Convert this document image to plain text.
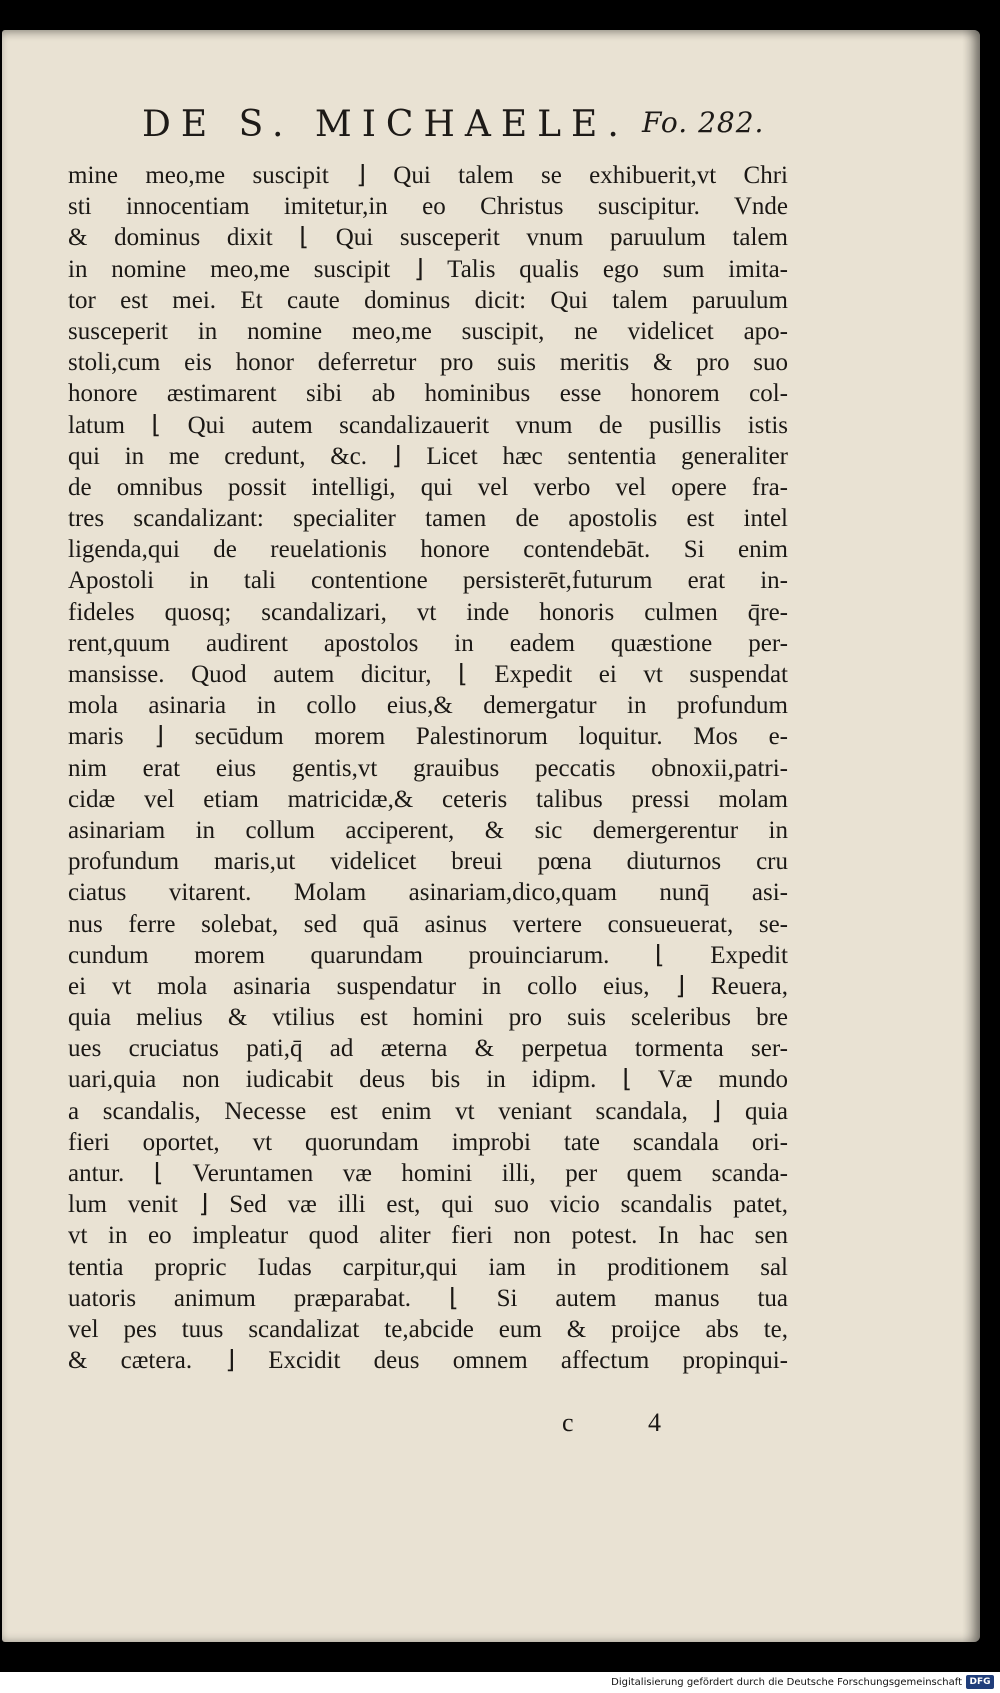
DE S. MICHAELE. Fo. 282.
mine meo,me suscipit ⌋ Qui talem se exhibuerit,vt Chri
sti innocentiam imitetur,in eo Christus suscipitur. Vnde
& dominus dixit ⌊ Qui susceperit vnum paruulum talem
in nomine meo,me suscipit ⌋ Talis qualis ego sum imita-
tor est mei. Et caute dominus dicit: Qui talem paruulum
susceperit in nomine meo,me suscipit, ne videlicet apo-
stoli,cum eis honor deferretur pro suis meritis & pro suo
honore æstimarent sibi ab hominibus esse honorem col-
latum ⌊ Qui autem scandalizauerit vnum de pusillis istis
qui in me credunt, &c. ⌋ Licet hæc sententia generaliter
de omnibus possit intelligi, qui vel verbo vel opere fra-
tres scandalizant: specialiter tamen de apostolis est intel
ligenda,qui de reuelationis honore contendebāt. Si enim
Apostoli in tali contentione persisterēt,futurum erat in-
fideles quosq; scandalizari, vt inde honoris culmen q̄re-
rent,quum audirent apostolos in eadem quæstione per-
mansisse. Quod autem dicitur, ⌊ Expedit ei vt suspendat
mola asinaria in collo eius,& demergatur in profundum
maris ⌋ secūdum morem Palestinorum loquitur. Mos e-
nim erat eius gentis,vt grauibus peccatis obnoxii,patri-
cidæ vel etiam matricidæ,& ceteris talibus pressi molam
asinariam in collum acciperent, & sic demergerentur in
profundum maris,ut videlicet breui pœna diuturnos cru
ciatus vitarent. Molam asinariam,dico,quam nunq̄ asi-
nus ferre solebat, sed quā asinus vertere consueuerat, se-
cundum morem quarundam prouinciarum. ⌊ Expedit
ei vt mola asinaria suspendatur in collo eius, ⌋ Reuera,
quia melius & vtilius est homini pro suis sceleribus bre
ues cruciatus pati,q̄ ad æterna & perpetua tormenta ser-
uari,quia non iudicabit deus bis in idipm. ⌊ Væ mundo
a scandalis, Necesse est enim vt veniant scandala, ⌋ quia
fieri oportet, vt quorundam improbi tate scandala ori-
antur. ⌊ Veruntamen væ homini illi, per quem scanda-
lum venit ⌋ Sed væ illi est, qui suo vicio scandalis patet,
vt in eo impleatur quod aliter fieri non potest. In hac sen
tentia propric Iudas carpitur,qui iam in proditionem sal
uatoris animum præparabat. ⌊ Si autem manus tua
vel pes tuus scandalizat te,abcide eum & proijce abs te,
& cætera. ⌋ Excidit deus omnem affectum propinqui-
c 4
Digitalisierung gefördert durch die Deutsche Forschungsgemeinschaft DFG
